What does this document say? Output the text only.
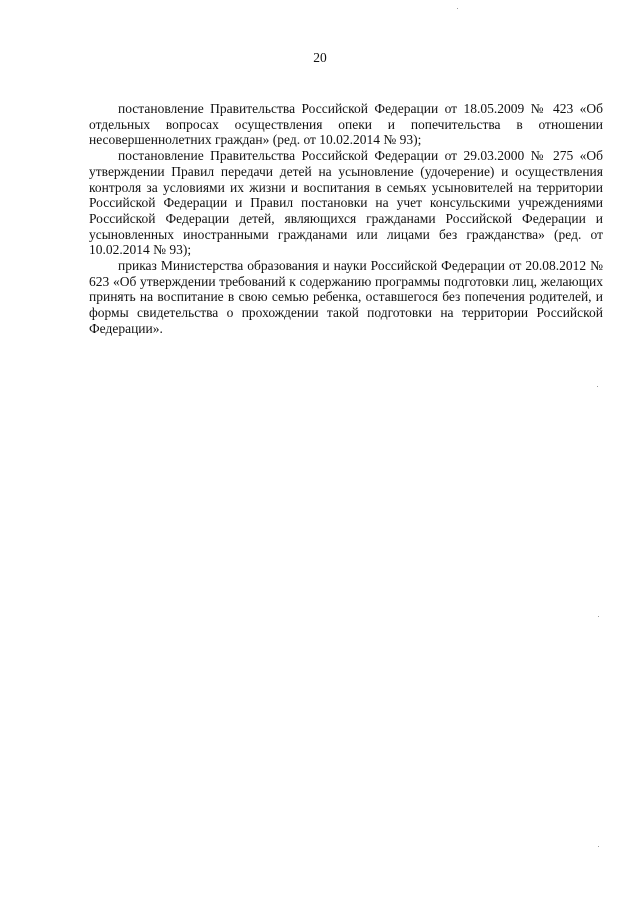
20

постановление Правительства Российской Федерации от 18.05.2009 № 423 «Об отдельных вопросах осуществления опеки и попечительства в отношении несовершеннолетних граждан» (ред. от 10.02.2014 № 93);

постановление Правительства Российской Федерации от 29.03.2000 № 275 «Об утверждении Правил передачи детей на усыновление (удочерение) и осуществления контроля за условиями их жизни и воспитания в семьях усыновителей на территории Российской Федерации и Правил постановки на учет консульскими учреждениями Российской Федерации детей, являющихся гражданами Российской Федерации и усыновленных иностранными гражданами или лицами без гражданства» (ред. от 10.02.2014 № 93);

приказ Министерства образования и науки Российской Федерации от 20.08.2012 № 623 «Об утверждении требований к содержанию программы подготовки лиц, желающих принять на воспитание в свою семью ребенка, оставшегося без попечения родителей, и формы свидетельства о прохождении такой подготовки на территории Российской Федерации».
